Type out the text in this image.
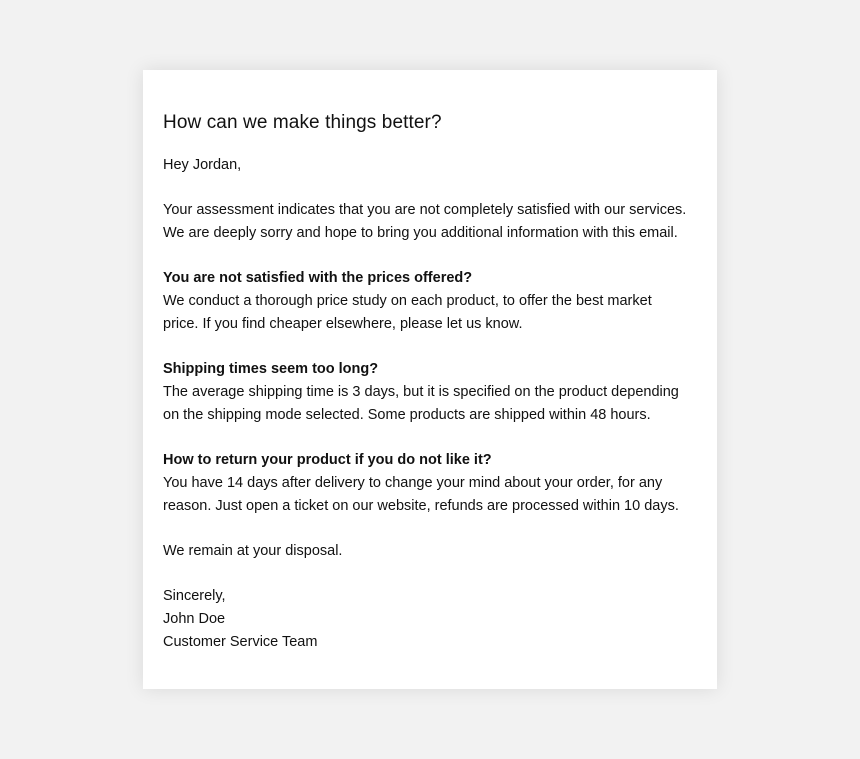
How can we make things better?

Hey Jordan,

Your assessment indicates that you are not completely satisfied with our services.
We are deeply sorry and hope to bring you additional information with this email.

You are not satisfied with the prices offered?
We conduct a thorough price study on each product, to offer the best market
price. If you find cheaper elsewhere, please let us know.

Shipping times seem too long?
The average shipping time is 3 days, but it is specified on the product depending
on the shipping mode selected. Some products are shipped within 48 hours.

How to return your product if you do not like it?
You have 14 days after delivery to change your mind about your order, for any
reason. Just open a ticket on our website, refunds are processed within 10 days.

We remain at your disposal.

Sincerely,
John Doe
Customer Service Team
